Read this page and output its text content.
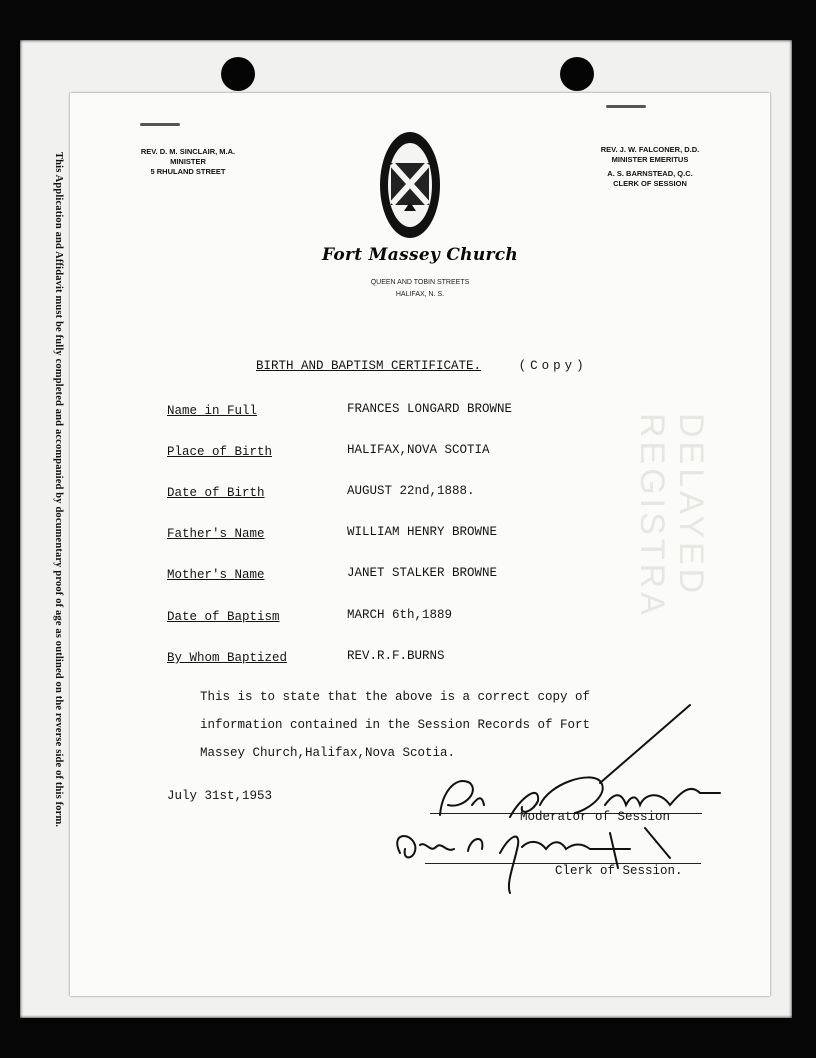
This Application and Affidavit must be fully completed and accompanied by documentary proof of age as outlined on the reverse side of this form.
REV. D. M. SINCLAIR, M.A.
MINISTER
5 RHULAND STREET
REV. J. W. FALCONER, D.D.
MINISTER EMERITUS
A. S. BARNSTEAD, Q.C.
CLERK OF SESSION
Fort Massey Church
QUEEN AND TOBIN STREETS
HALIFAX, N. S.
BIRTH AND BAPTISM CERTIFICATE.	(Copy)
Name in Full	FRANCES LONGARD BROWNE
Place of Birth	HALIFAX,NOVA SCOTIA
Date of Birth	AUGUST 22nd,1888.
Father's Name	WILLIAM HENRY BROWNE
Mother's Name	JANET STALKER BROWNE
Date of Baptism	MARCH 6th,1889
By Whom Baptized	REV.R.F.BURNS
This is to state that the above is a correct copy of
information contained in the Session Records of Fort
Massey Church,Halifax,Nova Scotia.
July 31st,1953
Moderator of Session
Clerk of Session.
DELAYED REGISTRA
